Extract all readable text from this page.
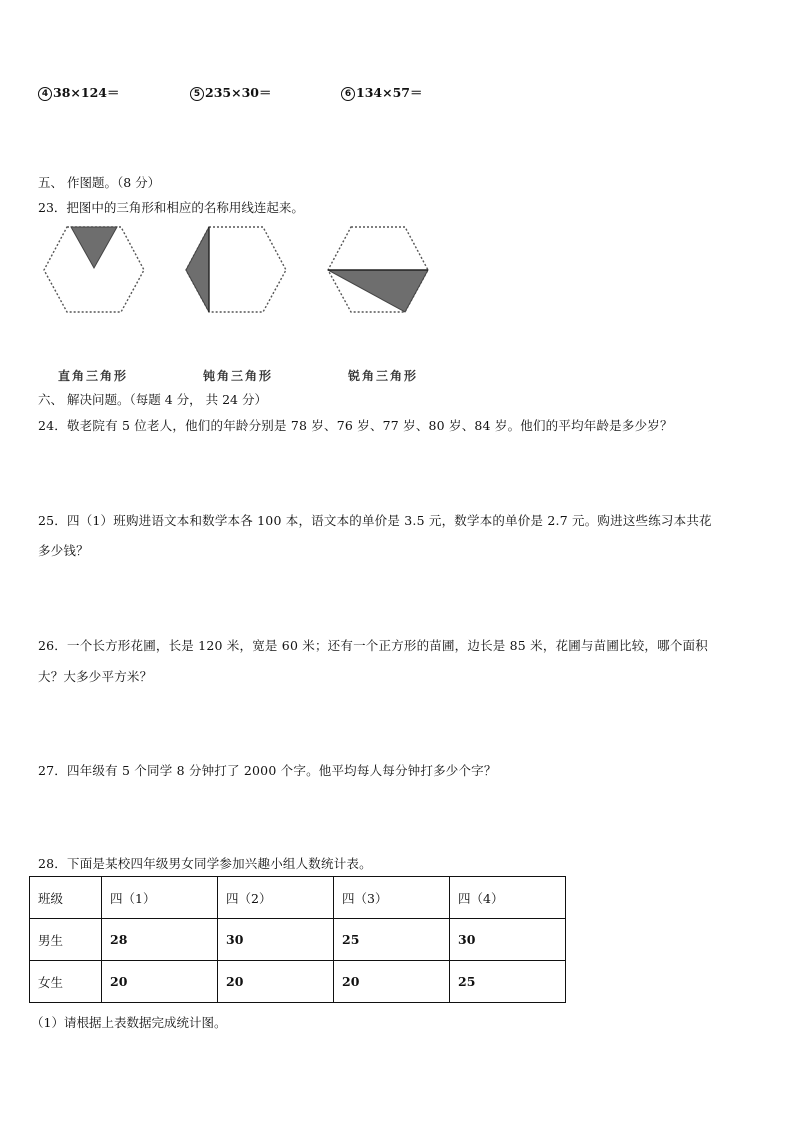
4 38×124＝	5 235×30＝	6 134×57＝
五、 作图题。（8 分）
23．把图中的三角形和相应的名称用线连起来。
直角三角形	钝角三角形	锐角三角形
六、 解决问题。（每题 4 分， 共 24 分）
24．敬老院有 5 位老人，他们的年龄分别是 78 岁、76 岁、77 岁、80 岁、84 岁。他们的平均年龄是多少岁？
25．四（1）班购进语文本和数学本各 100 本，语文本的单价是 3.5 元，数学本的单价是 2.7 元。购进这些练习本共花
多少钱？
26．一个长方形花圃，长是 120 米，宽是 60 米；还有一个正方形的苗圃，边长是 85 米，花圃与苗圃比较，哪个面积
大？大多少平方米？
27．四年级有 5 个同学 8 分钟打了 2000 个字。他平均每人每分钟打多少个字？
28．下面是某校四年级男女同学参加兴趣小组人数统计表。
班级	四（1）	四（2）	四（3）	四（4）
男生	28	30	25	30
女生	20	20	20	25
（1）请根据上表数据完成统计图。
